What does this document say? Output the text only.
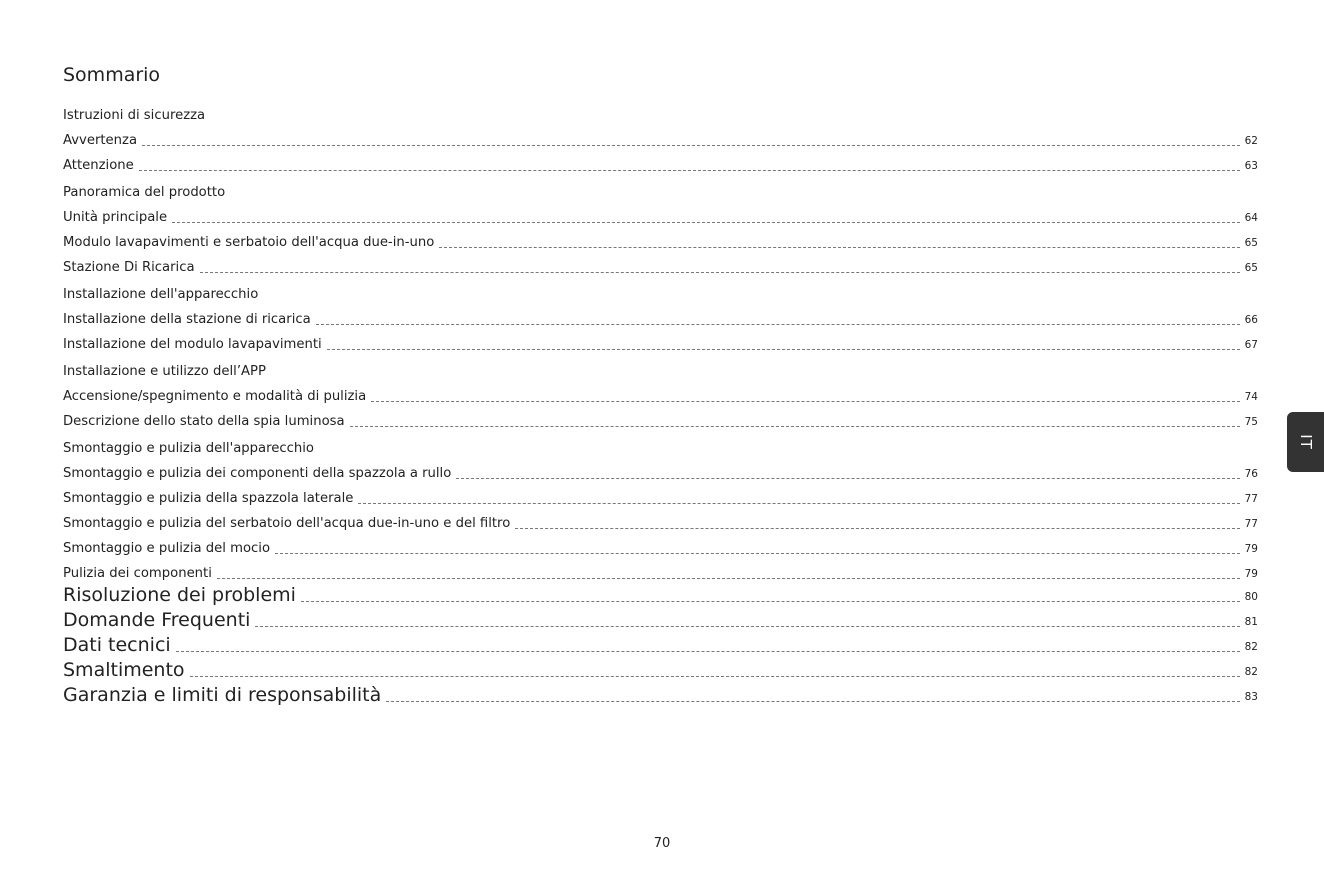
Sommario
Istruzioni di sicurezza
Avvertenza	62
Attenzione	63
Panoramica del prodotto
Unità principale	64
Modulo lavapavimenti e serbatoio dell'acqua due-in-uno	65
Stazione Di Ricarica	65
Installazione dell'apparecchio
Installazione della stazione di ricarica	66
Installazione del modulo lavapavimenti	67
Installazione e utilizzo dell’APP
Accensione/spegnimento e modalità di pulizia	74
Descrizione dello stato della spia luminosa	75
Smontaggio e pulizia dell'apparecchio
Smontaggio e pulizia dei componenti della spazzola a rullo	76
Smontaggio e pulizia della spazzola laterale	77
Smontaggio e pulizia del serbatoio dell'acqua due-in-uno e del filtro	77
Smontaggio e pulizia del mocio	79
Pulizia dei componenti	79
Risoluzione dei problemi	80
Domande Frequenti	81
Dati tecnici	82
Smaltimento	82
Garanzia e limiti di responsabilità	83
70
IT
